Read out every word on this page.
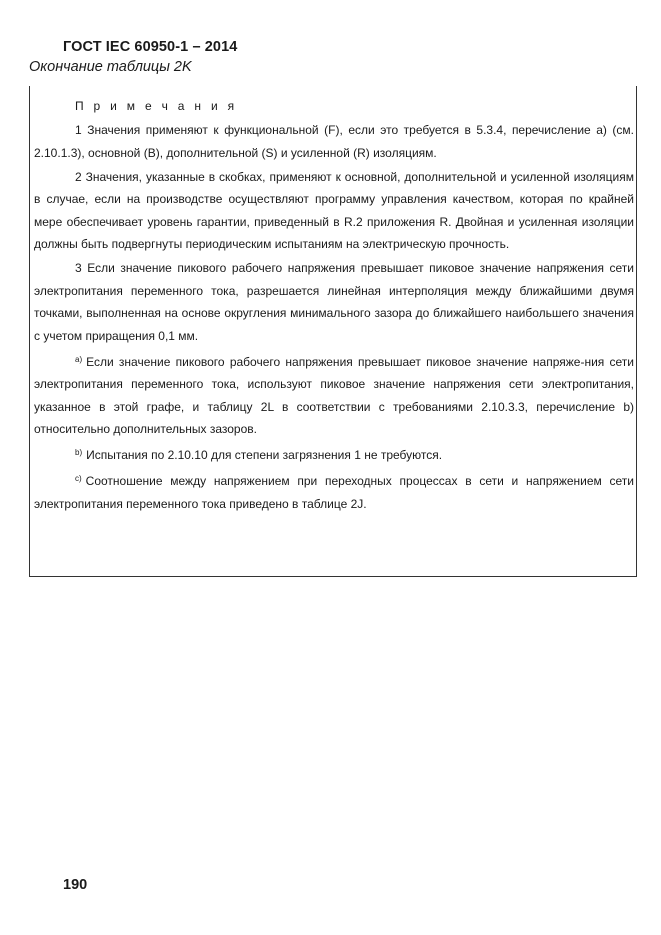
ГОСТ IEC 60950-1 – 2014
Окончание таблицы 2K

П р и м е ч а н и я

1 Значения применяют к функциональной (F), если это требуется в 5.3.4, перечисление а) (см. 2.10.1.3), основной (B), дополнительной (S) и усиленной (R) изоляциям.

2 Значения, указанные в скобках, применяют к основной, дополнительной и усиленной изоляциям в случае, если на производстве осуществляют программу управления качеством, которая по крайней мере обеспечивает уровень гарантии, приведенный в R.2 приложения R. Двойная и усиленная изоляции должны быть подвергнуты периодическим испытаниям на электрическую прочность.

3 Если значение пикового рабочего напряжения превышает пиковое значение напряжения сети электропитания переменного тока, разрешается линейная интерполяция между ближайшими двумя точками, выполненная на основе округления минимального зазора до ближайшего наибольшего значения с учетом приращения 0,1 мм.

$^{a)}$ Если значение пикового рабочего напряжения превышает пиковое значение напряже-ния сети электропитания переменного тока, используют пиковое значение напряжения сети электропитания, указанное в этой графе, и таблицу 2L в соответствии с требованиями 2.10.3.3, перечисление b) относительно дополнительных зазоров.

$^{b)}$ Испытания по 2.10.10 для степени загрязнения 1 не требуются.

$^{c)}$ Соотношение между напряжением при переходных процессах в сети и напряжением сети электропитания переменного тока приведено в таблице 2J.

190
